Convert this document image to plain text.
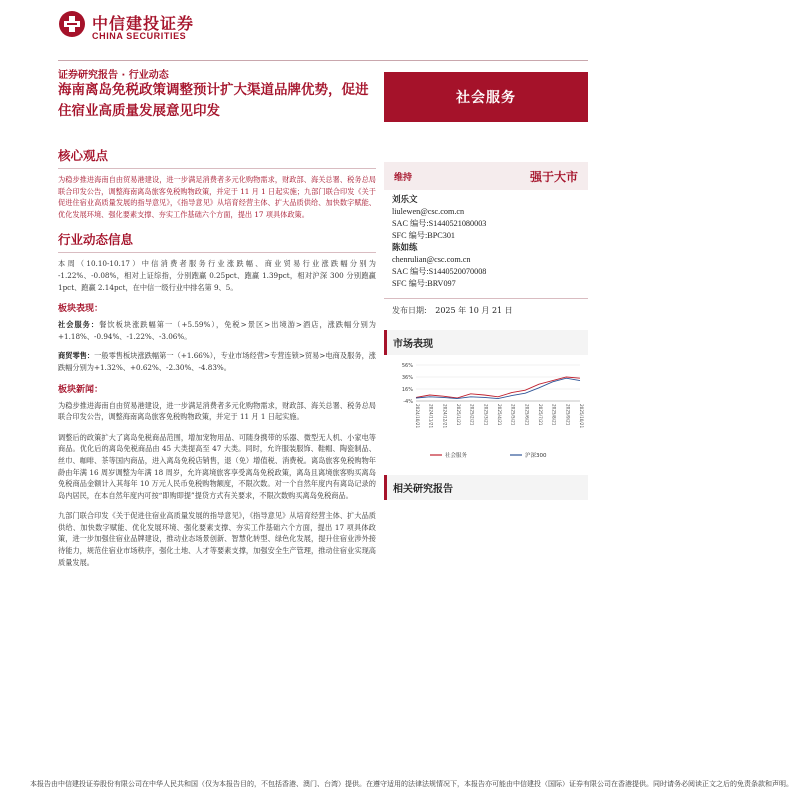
中信建投证券
CHINA SECURITIES
证券研究报告 · 行业动态
海南离岛免税政策调整预计扩大渠道品牌优势，促进住宿业高质量发展意见印发
社会服务
核心观点

为稳步推进海南自由贸易港建设，进一步满足消费者多元化购物需求，财政部、海关总署、税务总局联合印发公告，调整海南离岛旅客免税购物政策，并定于 11 月 1 日起实施；九部门联合印发《关于促进住宿业高质量发展的指导意见》，《指导意见》从培育经营主体、扩大品质供给、加快数字赋能、优化发展环境、强化要素支撑、夯实工作基础六个方面，提出 17 项具体政策。

行业动态信息

本周（10.10-10.17）中信消费者服务行业涨跌幅、商业贸易行业涨跌幅分别为 -1.22%、-0.08%，相对上证综指，分别跑赢 0.25pct、跑赢 1.39pct，相对沪深 300 分别跑赢 1pct、跑赢 2.14pct，在中信一级行业中排名第 9、5。

板块表现：

社会服务：餐饮板块涨跌幅第一（+5.59%），免税>景区>出境游>酒店，涨跌幅分别为+1.18%、-0.94%、-1.22%、-3.06%。

商贸零售：一般零售板块涨跌幅第一（+1.66%），专业市场经营>专营连锁>贸易>电商及服务，涨跌幅分别为+1.32%、+0.62%、-2.30%、-4.83%。

板块新闻：

为稳步推进海南自由贸易港建设，进一步满足消费者多元化购物需求，财政部、海关总署、税务总局联合印发公告，调整海南离岛旅客免税购物政策，并定于 11 月 1 日起实施。

调整后的政策扩大了离岛免税商品范围，增加宠物用品、可随身携带的乐器、微型无人机、小家电等商品。优化后的离岛免税商品由 45 大类提高至 47 大类。同时，允许服装服饰、鞋帽、陶瓷制品、丝巾、咖啡、茶等国内商品，进入离岛免税店销售，退（免）增值税、消费税。离岛旅客免税购物年龄由年满 16 周岁调整为年满 18 周岁，允许离境旅客享受离岛免税政策，离岛且离境旅客购买离岛免税商品金额计入其每年 10 万元人民币免税购物额度，不限次数。对一个自然年度内有离岛记录的岛内居民，在本自然年度内可按“即购即提”提货方式有关要求，不限次数购买离岛免税商品。

九部门联合印发《关于促进住宿业高质量发展的指导意见》，《指导意见》从培育经营主体、扩大品质供给、加快数字赋能、优化发展环境、强化要素支撑、夯实工作基础六个方面，提出 17 项具体政策，进一步加强住宿业品牌建设，推动业态场景创新、智慧化转型、绿色化发展，提升住宿业涉外接待能力，规范住宿业市场秩序，强化土地、人才等要素支撑，加强安全生产管理，推动住宿业实现高质量发展。

维持	强于大市
刘乐文
liulewen@csc.com.cn
SAC 编号:S1440521080003
SFC 编号:BPC301
陈如练
chenrulian@csc.com.cn
SAC 编号:S1440520070008
SFC 编号:BRV097
发布日期: 2025 年 10 月 21 日
市场表现
56%
36%
16%
-4%
2024/10/21 2024/11/21 2024/12/21 2025/1/21 2025/2/21 2025/3/21 2025/4/21 2025/5/21 2025/6/21 2025/7/21 2025/8/21 2025/9/21 2025/10/21
社会服务	沪深300
相关研究报告
本报告由中信建投证券股份有限公司在中华人民共和国（仅为本报告目的，不包括香港、澳门、台湾）提供。在遵守适用的法律法规情况下，本报告亦可能由中信建投（国际）证券有限公司在香港提供。同时请务必阅读正文之后的免责条款和声明。
